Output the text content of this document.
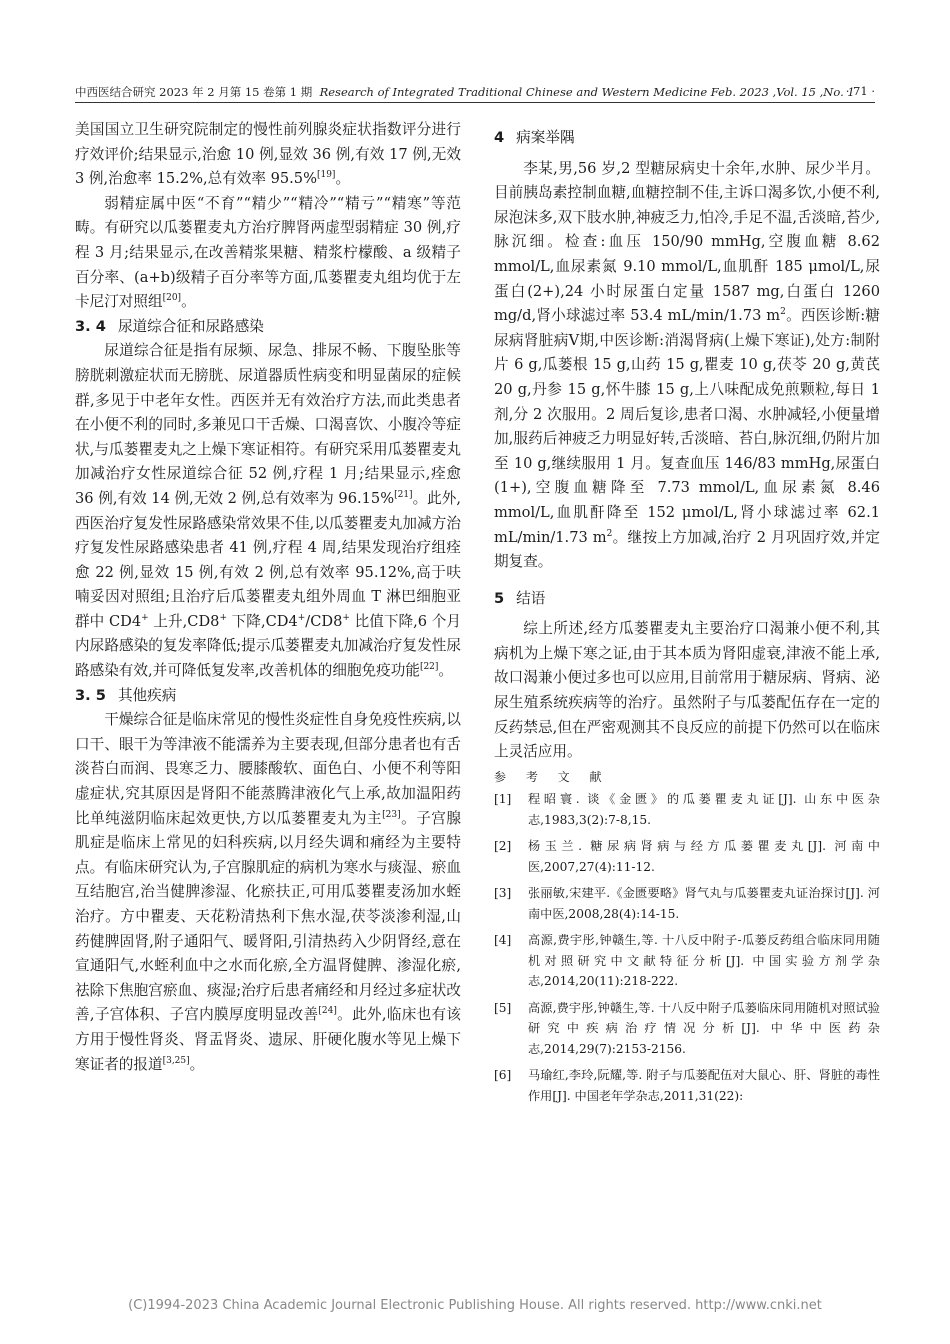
中西医结合研究 2023 年 2 月第 15 卷第 1 期 Research of Integrated Traditional Chinese and Western Medicine Feb. 2023 ,Vol. 15 ,No. 1
· 71 ·

美国国立卫生研究院制定的慢性前列腺炎症状指数评分进行疗效评价;结果显示,治愈 10 例,显效 36 例,有效 17 例,无效 3 例,治愈率 15.2%,总有效率 95.5%[19]。

弱精症属中医“不育”“精少”“精冷”“精亏”“精寒”等范畴。有研究以瓜蒌瞿麦丸方治疗脾肾两虚型弱精症 30 例,疗程 3 月;结果显示,在改善精浆果糖、精浆柠檬酸、a 级精子百分率、(a+b)级精子百分率等方面,瓜蒌瞿麦丸组均优于左卡尼汀对照组[20]。

3. 4 尿道综合征和尿路感染

尿道综合征是指有尿频、尿急、排尿不畅、下腹坠胀等膀胱刺激症状而无膀胱、尿道器质性病变和明显菌尿的症候群,多见于中老年女性。西医并无有效治疗方法,而此类患者在小便不利的同时,多兼见口干舌燥、口渴喜饮、小腹冷等症状,与瓜蒌瞿麦丸之上燥下寒证相符。有研究采用瓜蒌瞿麦丸加减治疗女性尿道综合征 52 例,疗程 1 月;结果显示,痊愈 36 例,有效 14 例,无效 2 例,总有效率为 96.15%[21]。此外,西医治疗复发性尿路感染常效果不佳,以瓜蒌瞿麦丸加减方治疗复发性尿路感染患者 41 例,疗程 4 周,结果发现治疗组痊愈 22 例,显效 15 例,有效 2 例,总有效率 95.12%,高于呋喃妥因对照组;且治疗后瓜蒌瞿麦丸组外周血 T 淋巴细胞亚群中 CD4+ 上升,CD8+ 下降,CD4+/CD8+ 比值下降,6 个月内尿路感染的复发率降低;提示瓜蒌瞿麦丸加减治疗复发性尿路感染有效,并可降低复发率,改善机体的细胞免疫功能[22]。

3. 5 其他疾病

干燥综合征是临床常见的慢性炎症性自身免疫性疾病,以口干、眼干为等津液不能濡养为主要表现,但部分患者也有舌淡苔白而润、畏寒乏力、腰膝酸软、面色白、小便不利等阳虚症状,究其原因是肾阳不能蒸腾津液化气上承,故加温阳药比单纯滋阴临床起效更快,方以瓜蒌瞿麦丸为主[23]。子宫腺肌症是临床上常见的妇科疾病,以月经失调和痛经为主要特点。有临床研究认为,子宫腺肌症的病机为寒水与痰湿、瘀血互结胞宫,治当健脾渗湿、化瘀扶正,可用瓜蒌瞿麦汤加水蛭治疗。方中瞿麦、天花粉清热利下焦水湿,茯苓淡渗利湿,山药健脾固肾,附子通阳气、暖肾阳,引清热药入少阴肾经,意在宣通阳气,水蛭利血中之水而化瘀,全方温肾健脾、渗湿化瘀,祛除下焦胞宫瘀血、痰湿;治疗后患者痛经和月经过多症状改善,子宫体积、子宫内膜厚度明显改善[24]。此外,临床也有该方用于慢性肾炎、肾盂肾炎、遗尿、肝硬化腹水等见上燥下寒证者的报道[3,25]。

4 病案举隅

李某,男,56 岁,2 型糖尿病史十余年,水肿、尿少半月。目前胰岛素控制血糖,血糖控制不佳,主诉口渴多饮,小便不利,尿泡沫多,双下肢水肿,神疲乏力,怕冷,手足不温,舌淡暗,苔少,脉沉细。检查:血压 150/90 mmHg,空腹血糖 8.62 mmol/L,血尿素氮 9.10 mmol/L,血肌酐 185 μmol/L,尿蛋白(2+),24 小时尿蛋白定量 1587 mg,白蛋白 1260 mg/d,肾小球滤过率 53.4 mL/min/1.73 $m^2$。西医诊断:糖尿病肾脏病Ⅴ期,中医诊断:消渴肾病(上燥下寒证),处方:制附片 6 g,瓜蒌根 15 g,山药 15 g,瞿麦 10 g,茯苓 20 g,黄芪 20 g,丹参 15 g,怀牛膝 15 g,上八味配成免煎颗粒,每日 1 剂,分 2 次服用。2 周后复诊,患者口渴、水肿减轻,小便量增加,服药后神疲乏力明显好转,舌淡暗、苔白,脉沉细,仍附片加至 10 g,继续服用 1 月。复查血压 146/83 mmHg,尿蛋白(1+),空腹血糖降至 7.73 mmol/L,血尿素氮 8.46 mmol/L,血肌酐降至 152 μmol/L,肾小球滤过率 62.1 mL/min/1.73 $m^2$。继按上方加减,治疗 2 月巩固疗效,并定期复查。

5 结语

综上所述,经方瓜蒌瞿麦丸主要治疗口渴兼小便不利,其病机为上燥下寒之证,由于其本质为肾阳虚衰,津液不能上承,故口渴兼小便过多也可以应用,目前常用于糖尿病、肾病、泌尿生殖系统疾病等的治疗。虽然附子与瓜蒌配伍存在一定的反药禁忌,但在严密观测其不良反应的前提下仍然可以在临床上灵活应用。

参 考 文 献

[1]	程昭寰. 谈《金匮》的瓜蒌瞿麦丸证[J]. 山东中医杂志,1983,3(2):7-8,15.
[2]	杨玉兰. 糖尿病肾病与经方瓜蒌瞿麦丸[J]. 河南中医,2007,27(4):11-12.
[3]	张丽敏,宋建平.《金匮要略》肾气丸与瓜蒌瞿麦丸证治探讨[J]. 河南中医,2008,28(4):14-15.
[4]	高源,费宇彤,钟赣生,等. 十八反中附子-瓜蒌反药组合临床同用随机对照研究中文献特征分析[J]. 中国实验方剂学杂志,2014,20(11):218-222.
[5]	高源,费宇彤,钟赣生,等. 十八反中附子瓜蒌临床同用随机对照试验研究中疾病治疗情况分析[J]. 中华中医药杂志,2014,29(7):2153-2156.
[6]	马瑜红,李玲,阮耀,等. 附子与瓜蒌配伍对大鼠心、肝、肾脏的毒性作用[J]. 中国老年学杂志,2011,31(22):
(C)1994-2023 China Academic Journal Electronic Publishing House. All rights reserved. http://www.cnki.net
